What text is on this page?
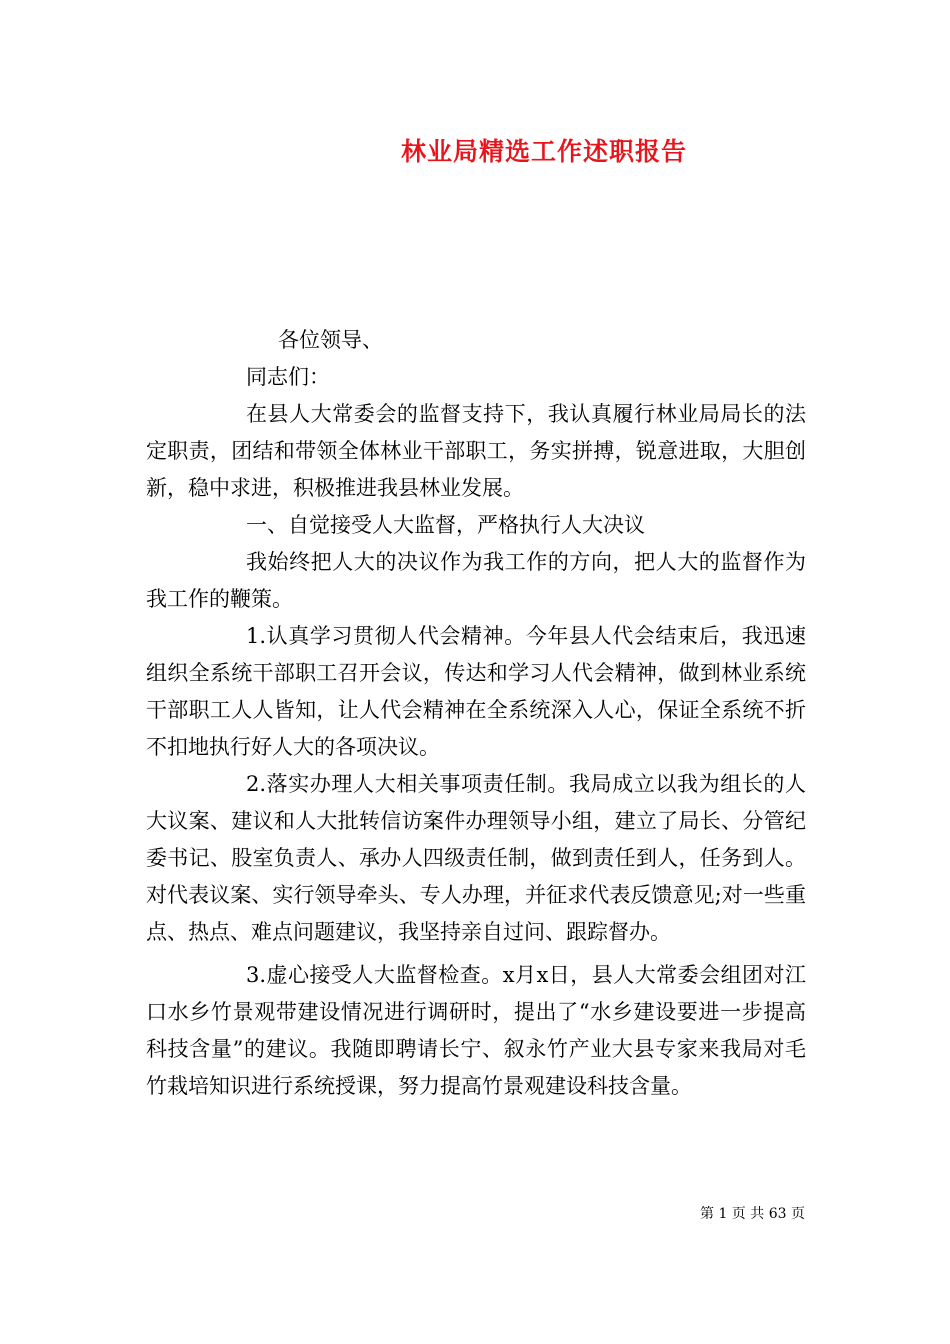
林业局精选工作述职报告

各位领导、

同志们：

在县人大常委会的监督支持下，我认真履行林业局局长的法定职责，团结和带领全体林业干部职工，务实拼搏，锐意进取，大胆创新，稳中求进，积极推进我县林业发展。

一、自觉接受人大监督，严格执行人大决议

我始终把人大的决议作为我工作的方向，把人大的监督作为我工作的鞭策。

1.认真学习贯彻人代会精神。今年县人代会结束后，我迅速组织全系统干部职工召开会议，传达和学习人代会精神，做到林业系统干部职工人人皆知，让人代会精神在全系统深入人心，保证全系统不折不扣地执行好人大的各项决议。

2.落实办理人大相关事项责任制。我局成立以我为组长的人大议案、建议和人大批转信访案件办理领导小组，建立了局长、分管纪委书记、股室负责人、承办人四级责任制，做到责任到人，任务到人。对代表议案、实行领导牵头、专人办理，并征求代表反馈意见;对一些重点、热点、难点问题建议，我坚持亲自过问、跟踪督办。

3.虚心接受人大监督检查。x月x日，县人大常委会组团对江口水乡竹景观带建设情况进行调研时，提出了“水乡建设要进一步提高科技含量”的建议。我随即聘请长宁、叙永竹产业大县专家来我局对毛竹栽培知识进行系统授课，努力提高竹景观建设科技含量。

第 1 页 共 63 页
